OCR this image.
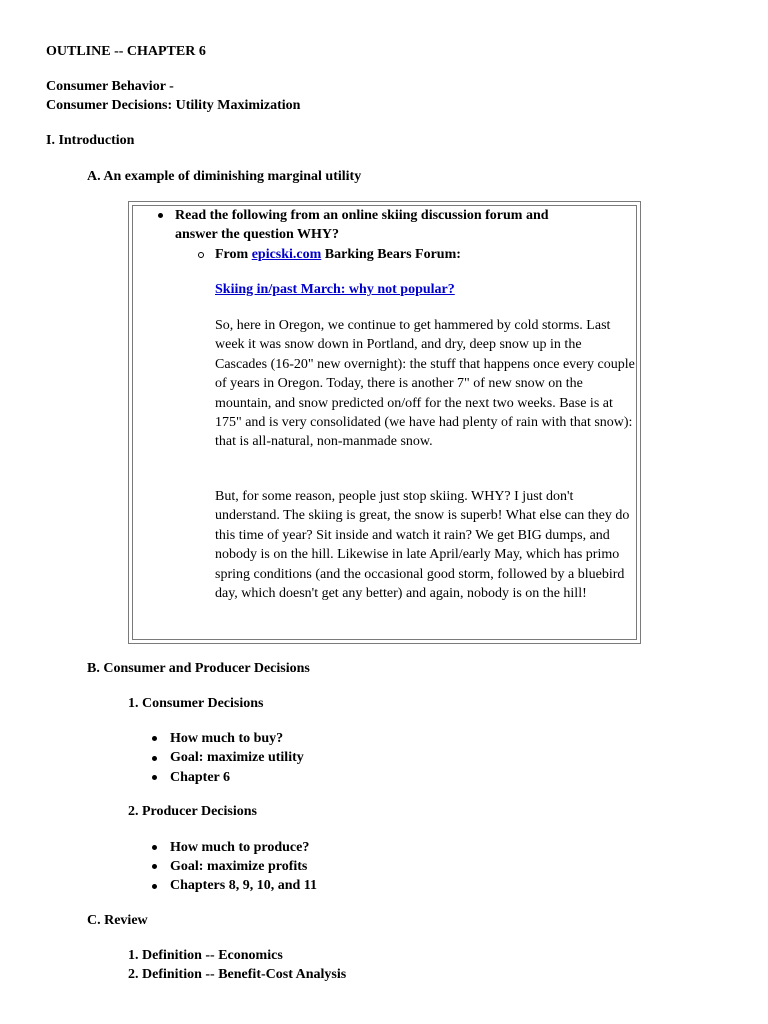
OUTLINE -- CHAPTER 6
Consumer Behavior -
Consumer Decisions: Utility Maximization
I. Introduction
A. An example of diminishing marginal utility
Read the following from an online skiing discussion forum and
answer the question WHY?
From epicski.com Barking Bears Forum:
Skiing in/past March: why not popular?
So, here in Oregon, we continue to get hammered by cold storms. Last week it was snow down in Portland, and dry, deep snow up in the Cascades (16-20" new overnight): the stuff that happens once every couple of years in Oregon. Today, there is another 7" of new snow on the mountain, and snow predicted on/off for the next two weeks. Base is at 175" and is very consolidated (we have had plenty of rain with that snow): that is all-natural, non-manmade snow.
But, for some reason, people just stop skiing. WHY? I just don't understand. The skiing is great, the snow is superb! What else can they do this time of year? Sit inside and watch it rain? We get BIG dumps, and nobody is on the hill. Likewise in late April/early May, which has primo spring conditions (and the occasional good storm, followed by a bluebird day, which doesn't get any better) and again, nobody is on the hill!
B. Consumer and Producer Decisions
1. Consumer Decisions
How much to buy?
Goal: maximize utility
Chapter 6
2. Producer Decisions
How much to produce?
Goal: maximize profits
Chapters 8, 9, 10, and 11
C. Review
1. Definition -- Economics
2. Definition -- Benefit-Cost Analysis
